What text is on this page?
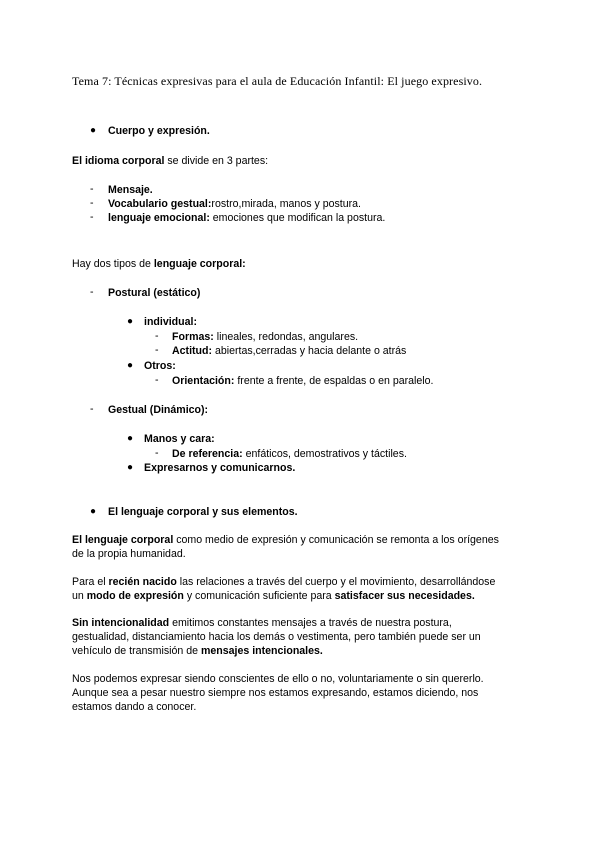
Tema 7: Técnicas expresivas para el aula de Educación Infantil: El juego expresivo.
● Cuerpo y expresión.
El idioma corporal se divide en 3 partes:
- Mensaje.
- Vocabulario gestual:rostro,mirada, manos y postura.
- lenguaje emocional: emociones que modifican la postura.
Hay dos tipos de lenguaje corporal:
- Postural (estático)
● individual:
- Formas: lineales, redondas, angulares.
- Actitud: abiertas,cerradas y hacia delante o atrás
● Otros:
- Orientación: frente a frente, de espaldas o en paralelo.
- Gestual (Dinámico):
● Manos y cara:
- De referencia: enfáticos, demostrativos y táctiles.
● Expresarnos y comunicarnos.
● El lenguaje corporal y sus elementos.
El lenguaje corporal como medio de expresión y comunicación se remonta a los orígenes
de la propia humanidad.
Para el recién nacido las relaciones a través del cuerpo y el movimiento, desarrollándose
un modo de expresión y comunicación suficiente para satisfacer sus necesidades.
Sin intencionalidad emitimos constantes mensajes a través de nuestra postura,
gestualidad, distanciamiento hacia los demás o vestimenta, pero también puede ser un
vehículo de transmisión de mensajes intencionales.
Nos podemos expresar siendo conscientes de ello o no, voluntariamente o sin quererlo.
Aunque sea a pesar nuestro siempre nos estamos expresando, estamos diciendo, nos
estamos dando a conocer.
